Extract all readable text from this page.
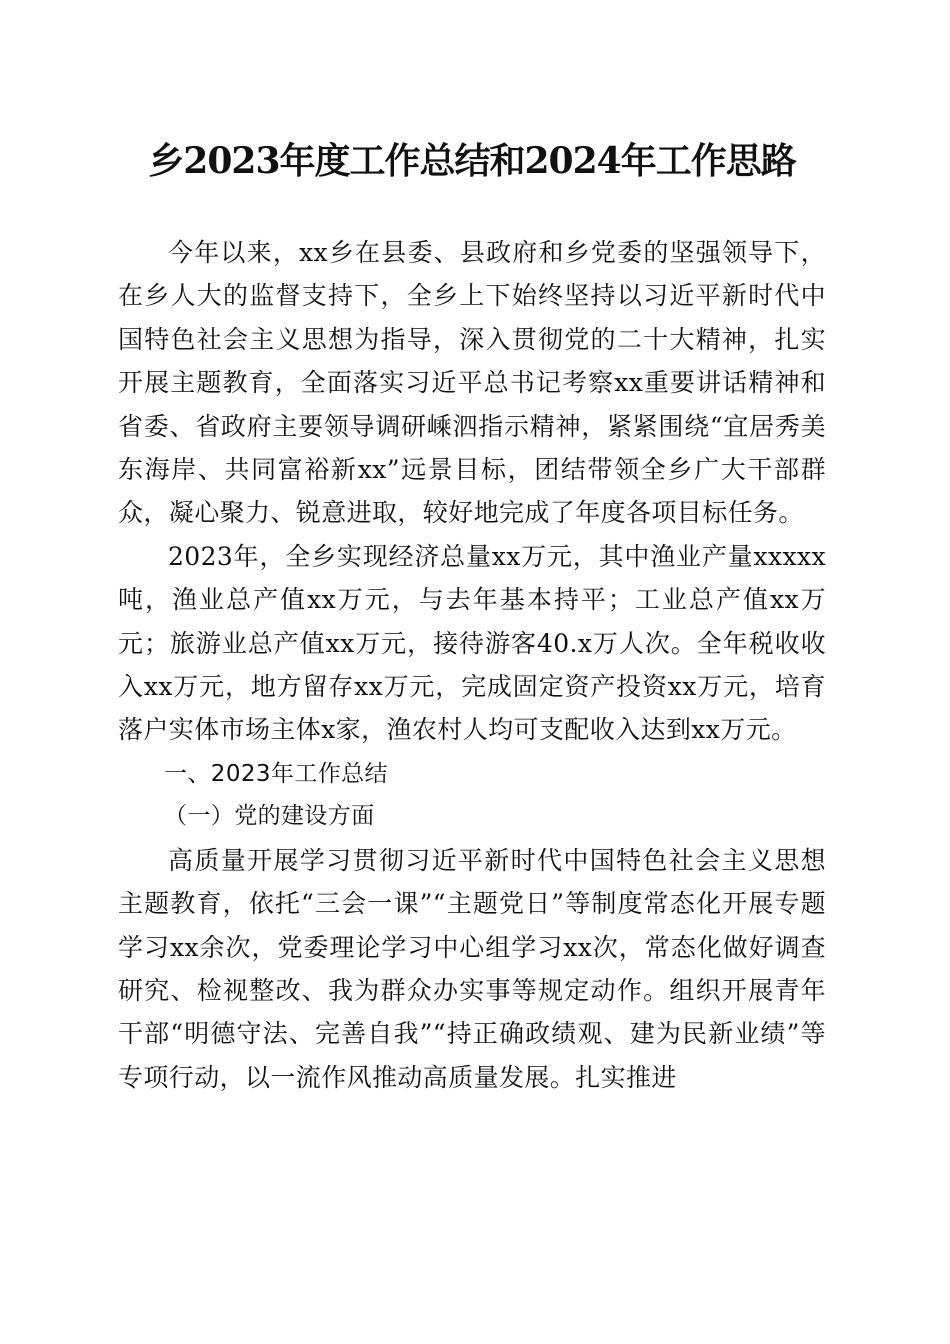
乡2023年度工作总结和2024年工作思路

今年以来，xx乡在县委、县政府和乡党委的坚强领导下，在乡人大的监督支持下，全乡上下始终坚持以习近平新时代中国特色社会主义思想为指导，深入贯彻党的二十大精神，扎实开展主题教育，全面落实习近平总书记考察xx重要讲话精神和省委、省政府主要领导调研嵊泗指示精神，紧紧围绕“宜居秀美东海岸、共同富裕新xx”远景目标，团结带领全乡广大干部群众，凝心聚力、锐意进取，较好地完成了年度各项目标任务。

2023年，全乡实现经济总量xx万元，其中渔业产量xxxxx吨，渔业总产值xx万元，与去年基本持平；工业总产值xx万元；旅游业总产值xx万元，接待游客40.x万人次。全年税收收入xx万元，地方留存xx万元，完成固定资产投资xx万元，培育落户实体市场主体x家，渔农村人均可支配收入达到xx万元。

一、2023年工作总结

（一）党的建设方面

高质量开展学习贯彻习近平新时代中国特色社会主义思想主题教育，依托“三会一课”“主题党日”等制度常态化开展专题学习xx余次，党委理论学习中心组学习xx次，常态化做好调查研究、检视整改、我为群众办实事等规定动作。组织开展青年干部“明德守法、完善自我”“持正确政绩观、建为民新业绩”等专项行动，以一流作风推动高质量发展。扎实推进
